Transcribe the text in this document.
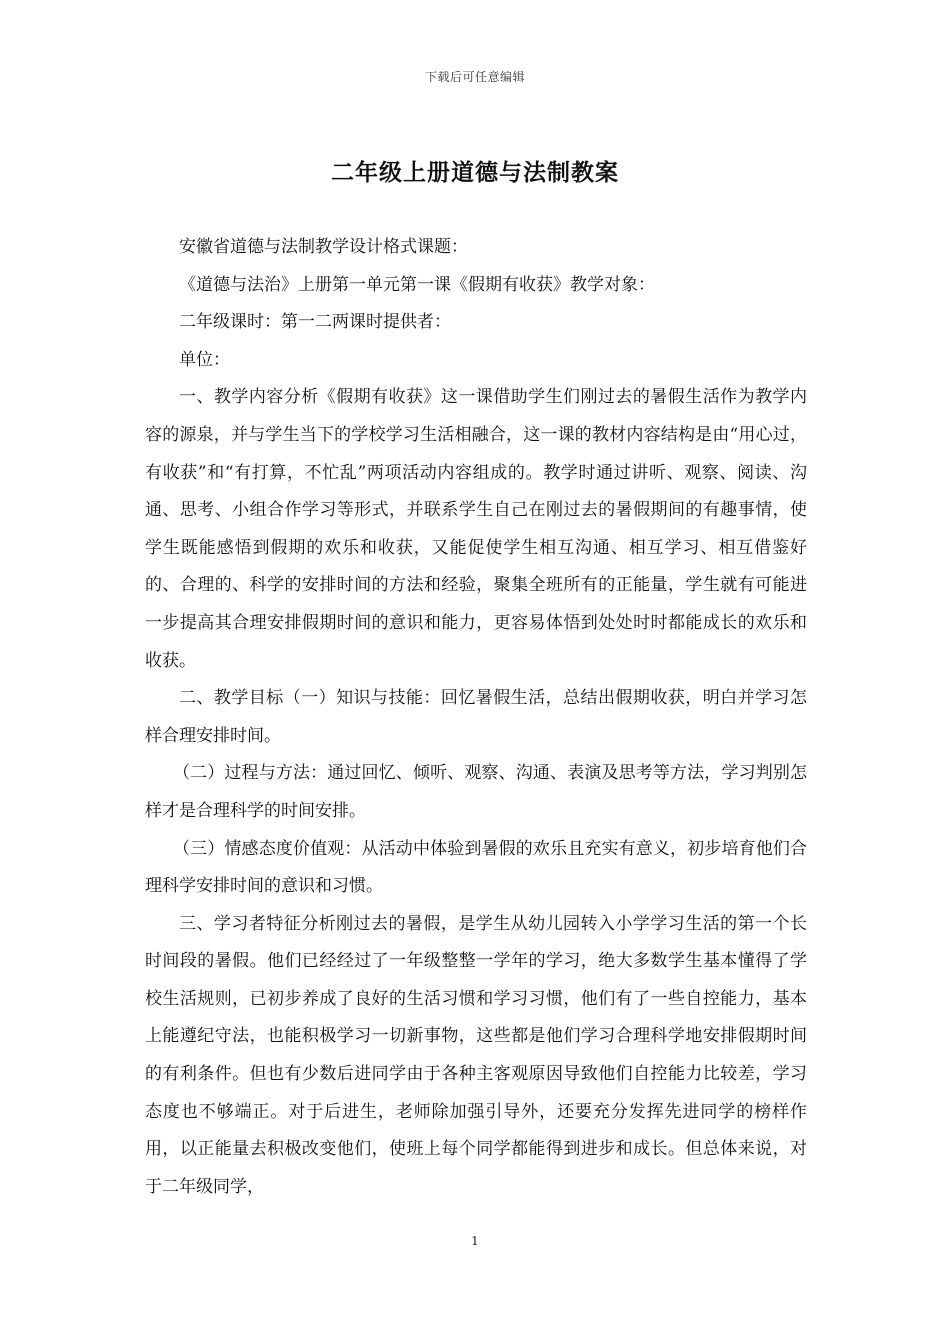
下载后可任意编辑
二年级上册道德与法制教案

安徽省道德与法制教学设计格式课题：

《道德与法治》上册第一单元第一课《假期有收获》教学对象：

二年级课时：第一二两课时提供者：

单位：

一、教学内容分析《假期有收获》这一课借助学生们刚过去的暑假生活作为教学内容的源泉，并与学生当下的学校学习生活相融合，这一课的教材内容结构是由“用心过，有收获”和“有打算，不忙乱”两项活动内容组成的。教学时通过讲听、观察、阅读、沟通、思考、小组合作学习等形式，并联系学生自己在刚过去的暑假期间的有趣事情，使学生既能感悟到假期的欢乐和收获，又能促使学生相互沟通、相互学习、相互借鉴好的、合理的、科学的安排时间的方法和经验，聚集全班所有的正能量，学生就有可能进一步提高其合理安排假期时间的意识和能力，更容易体悟到处处时时都能成长的欢乐和收获。

二、教学目标（一）知识与技能：回忆暑假生活，总结出假期收获，明白并学习怎样合理安排时间。

（二）过程与方法：通过回忆、倾听、观察、沟通、表演及思考等方法，学习判别怎样才是合理科学的时间安排。

（三）情感态度价值观：从活动中体验到暑假的欢乐且充实有意义，初步培育他们合理科学安排时间的意识和习惯。

三、学习者特征分析刚过去的暑假，是学生从幼儿园转入小学学习生活的第一个长时间段的暑假。他们已经经过了一年级整整一学年的学习，绝大多数学生基本懂得了学校生活规则，已初步养成了良好的生活习惯和学习习惯，他们有了一些自控能力，基本上能遵纪守法，也能积极学习一切新事物，这些都是他们学习合理科学地安排假期时间的有利条件。但也有少数后进同学由于各种主客观原因导致他们自控能力比较差，学习态度也不够端正。对于后进生，老师除加强引导外，还要充分发挥先进同学的榜样作用，以正能量去积极改变他们，使班上每个同学都能得到进步和成长。但总体来说，对于二年级同学，

1
